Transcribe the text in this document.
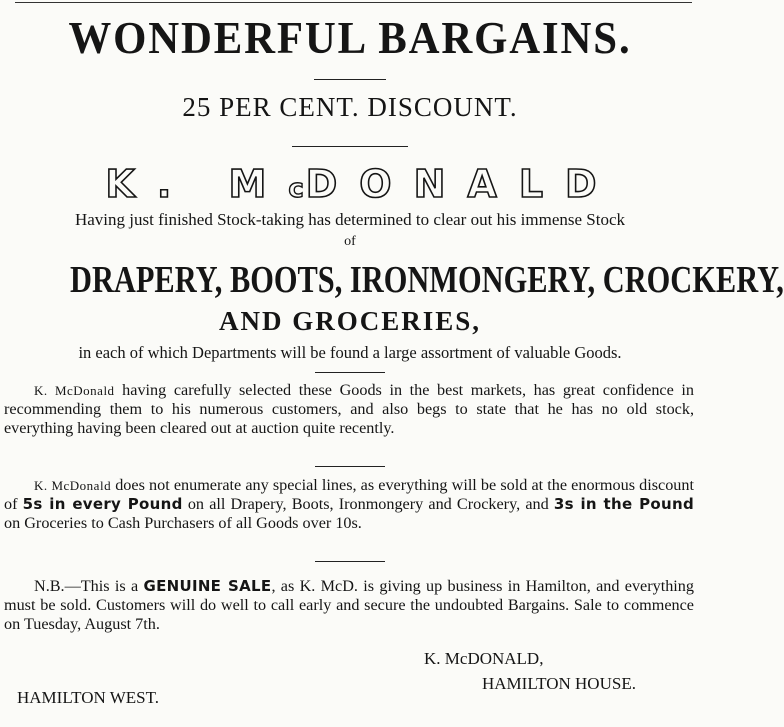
WONDERFUL BARGAINS.
25 PER CENT. DISCOUNT.
K. McDONALD
Having just finished Stock-taking has determined to clear out his immense Stock
of
DRAPERY, BOOTS, IRONMONGERY, CROCKERY,
AND GROCERIES,
in each of which Departments will be found a large assortment of valuable Goods.
K. McDonald having carefully selected these Goods in the best markets, has great confidence in recommending them to his numerous customers, and also begs to state that he has no old stock, everything having been cleared out at auction quite recently.
K. McDonald does not enumerate any special lines, as everything will be sold at the enormous discount of 5s in every Pound on all Drapery, Boots, Ironmongery and Crockery, and 3s in the Pound on Groceries to Cash Purchasers of all Goods over 10s.
N.B.—This is a GENUINE SALE, as K. McD. is giving up business in Hamilton, and everything must be sold. Customers will do well to call early and secure the undoubted Bargains. Sale to commence on Tuesday, August 7th.
K. McDONALD,
HAMILTON HOUSE.
HAMILTON WEST.
